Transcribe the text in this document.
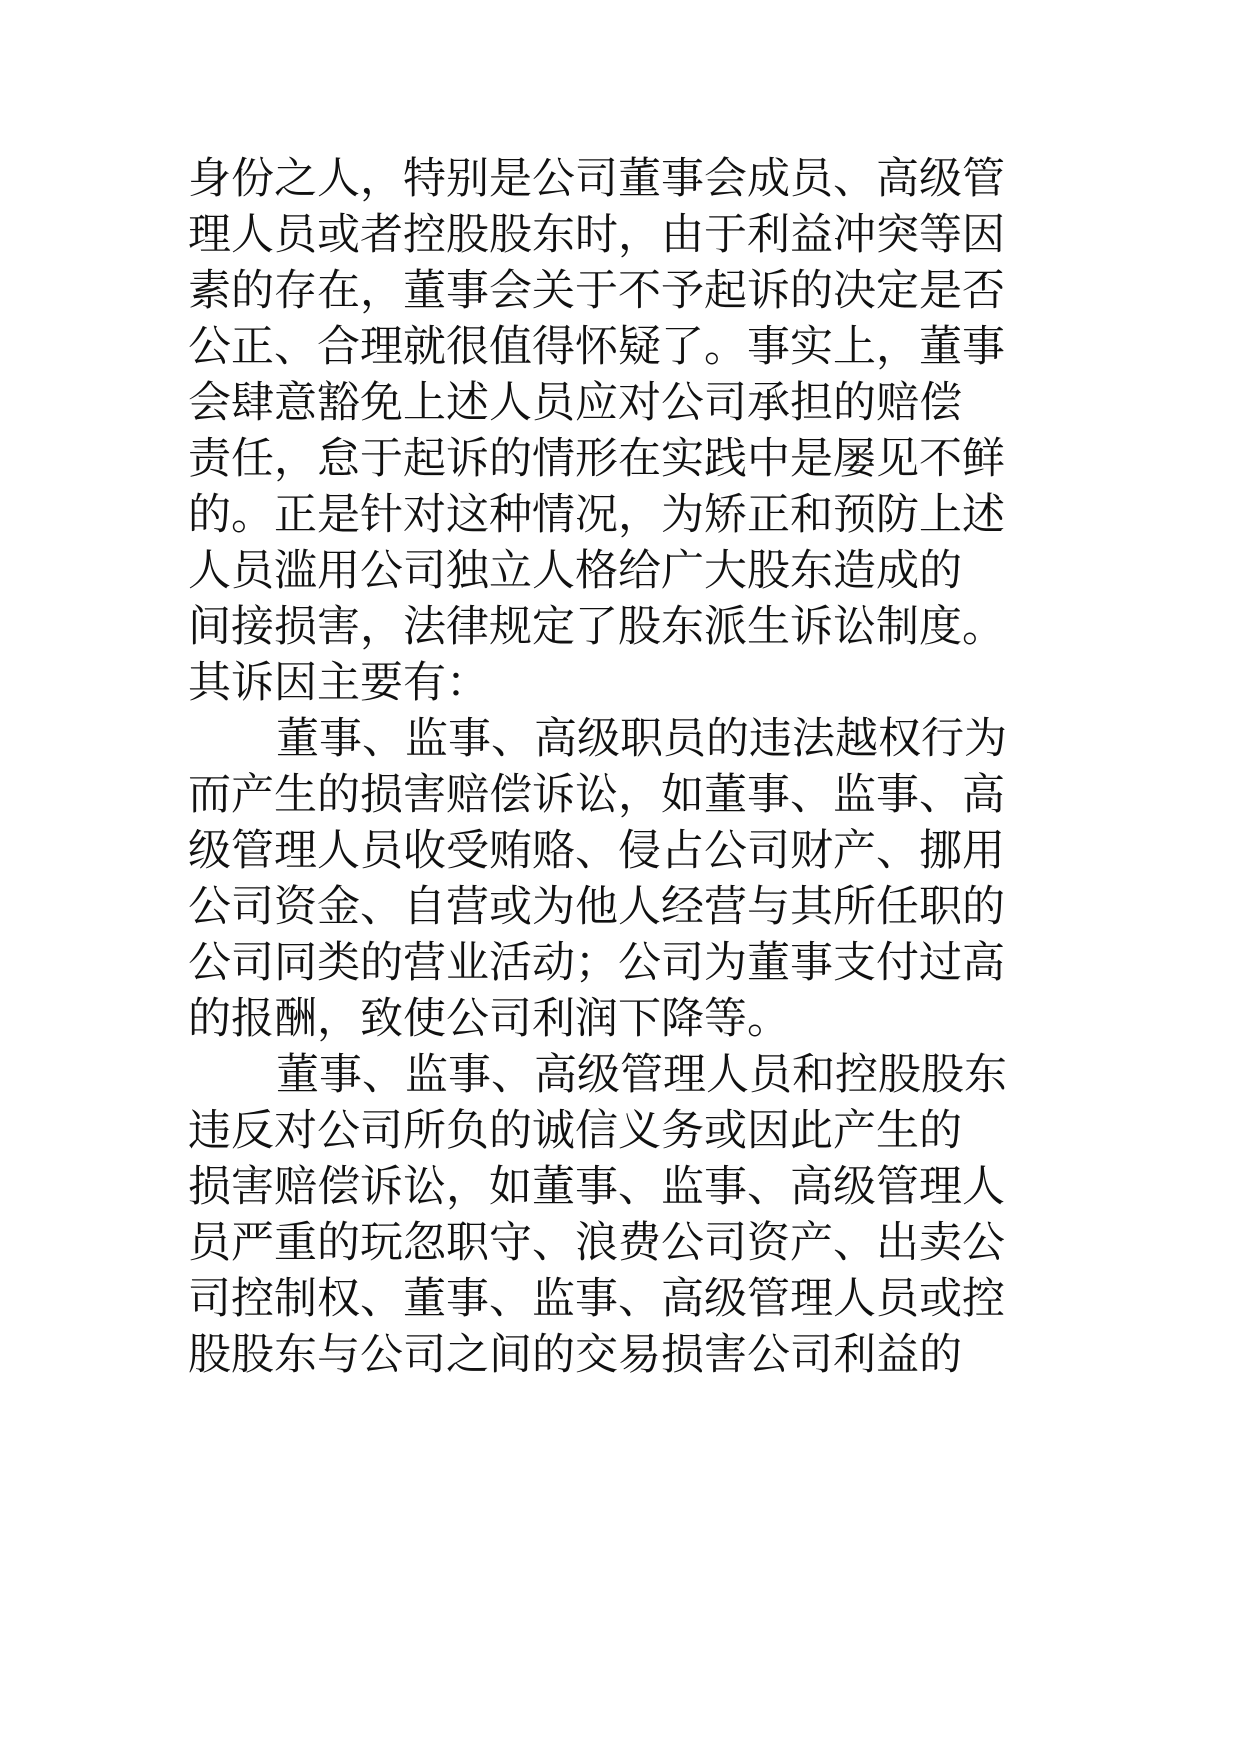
身份之人，特别是公司董事会成员、高级管
理人员或者控股股东时，由于利益冲突等因
素的存在，董事会关于不予起诉的决定是否
公正、合理就很值得怀疑了。事实上，董事
会肆意豁免上述人员应对公司承担的赔偿
责任，怠于起诉的情形在实践中是屡见不鲜
的。正是针对这种情况，为矫正和预防上述
人员滥用公司独立人格给广大股东造成的
间接损害，法律规定了股东派生诉讼制度。
其诉因主要有：
董事、监事、高级职员的违法越权行为
而产生的损害赔偿诉讼，如董事、监事、高
级管理人员收受贿赂、侵占公司财产、挪用
公司资金、自营或为他人经营与其所任职的
公司同类的营业活动；公司为董事支付过高
的报酬，致使公司利润下降等。
董事、监事、高级管理人员和控股股东
违反对公司所负的诚信义务或因此产生的
损害赔偿诉讼，如董事、监事、高级管理人
员严重的玩忽职守、浪费公司资产、出卖公
司控制权、董事、监事、高级管理人员或控
股股东与公司之间的交易损害公司利益的
